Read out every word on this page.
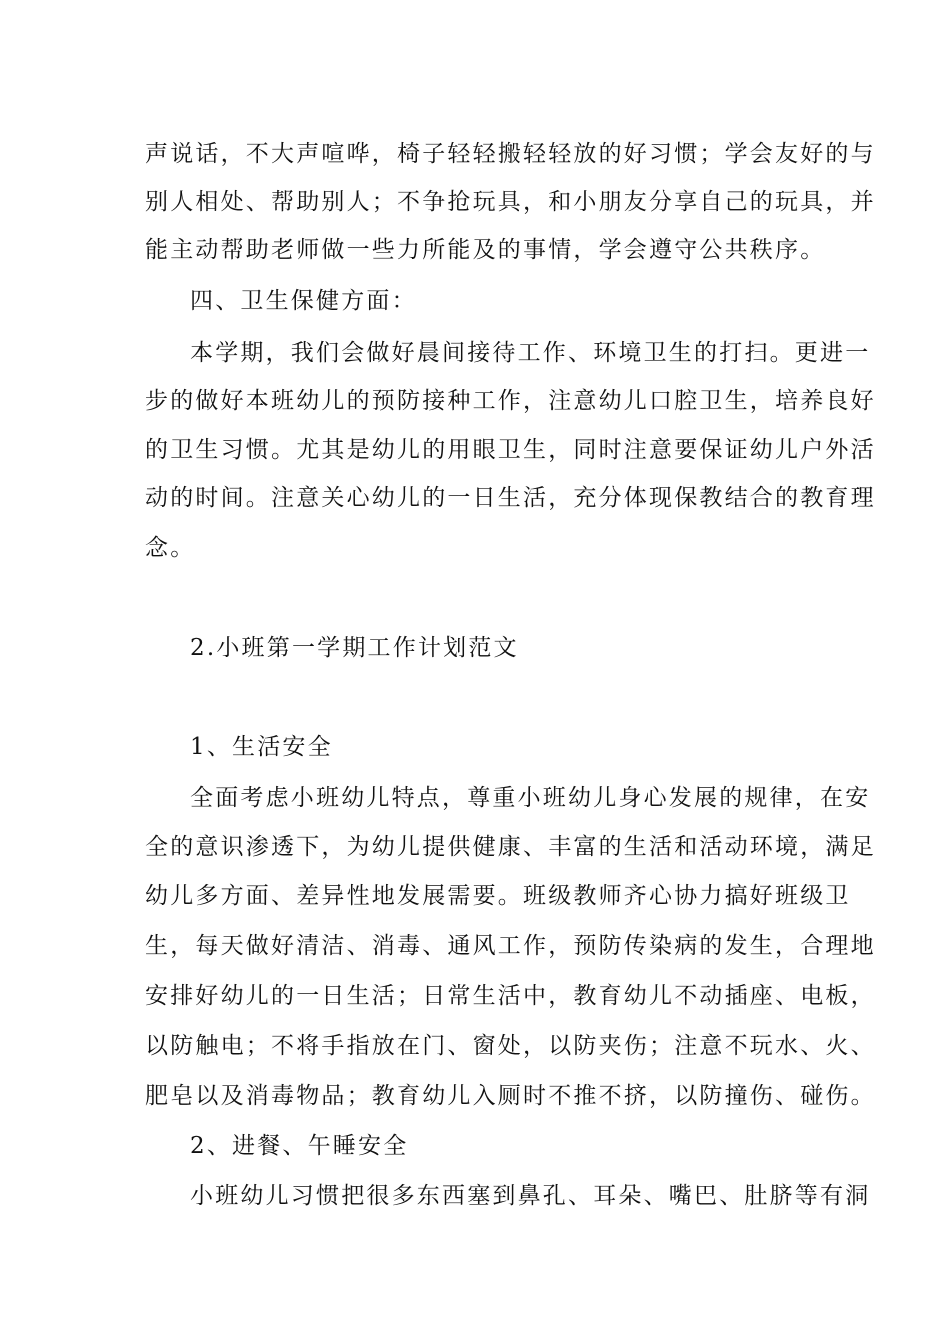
声说话，不大声喧哗，椅子轻轻搬轻轻放的好习惯；学会友好的与

别人相处、帮助别人；不争抢玩具，和小朋友分享自己的玩具，并

能主动帮助老师做一些力所能及的事情，学会遵守公共秩序。

四、卫生保健方面：

本学期，我们会做好晨间接待工作、环境卫生的打扫。更进一

步的做好本班幼儿的预防接种工作，注意幼儿口腔卫生，培养良好

的卫生习惯。尤其是幼儿的用眼卫生，同时注意要保证幼儿户外活

动的时间。注意关心幼儿的一日生活，充分体现保教结合的教育理

念。

2.小班第一学期工作计划范文

1、生活安全

全面考虑小班幼儿特点，尊重小班幼儿身心发展的规律，在安

全的意识渗透下，为幼儿提供健康、丰富的生活和活动环境，满足

幼儿多方面、差异性地发展需要。班级教师齐心协力搞好班级卫

生，每天做好清洁、消毒、通风工作，预防传染病的发生，合理地

安排好幼儿的一日生活；日常生活中，教育幼儿不动插座、电板，

以防触电；不将手指放在门、窗处，以防夹伤；注意不玩水、火、

肥皂以及消毒物品；教育幼儿入厕时不推不挤，以防撞伤、碰伤。

2、进餐、午睡安全

小班幼儿习惯把很多东西塞到鼻孔、耳朵、嘴巴、肚脐等有洞
